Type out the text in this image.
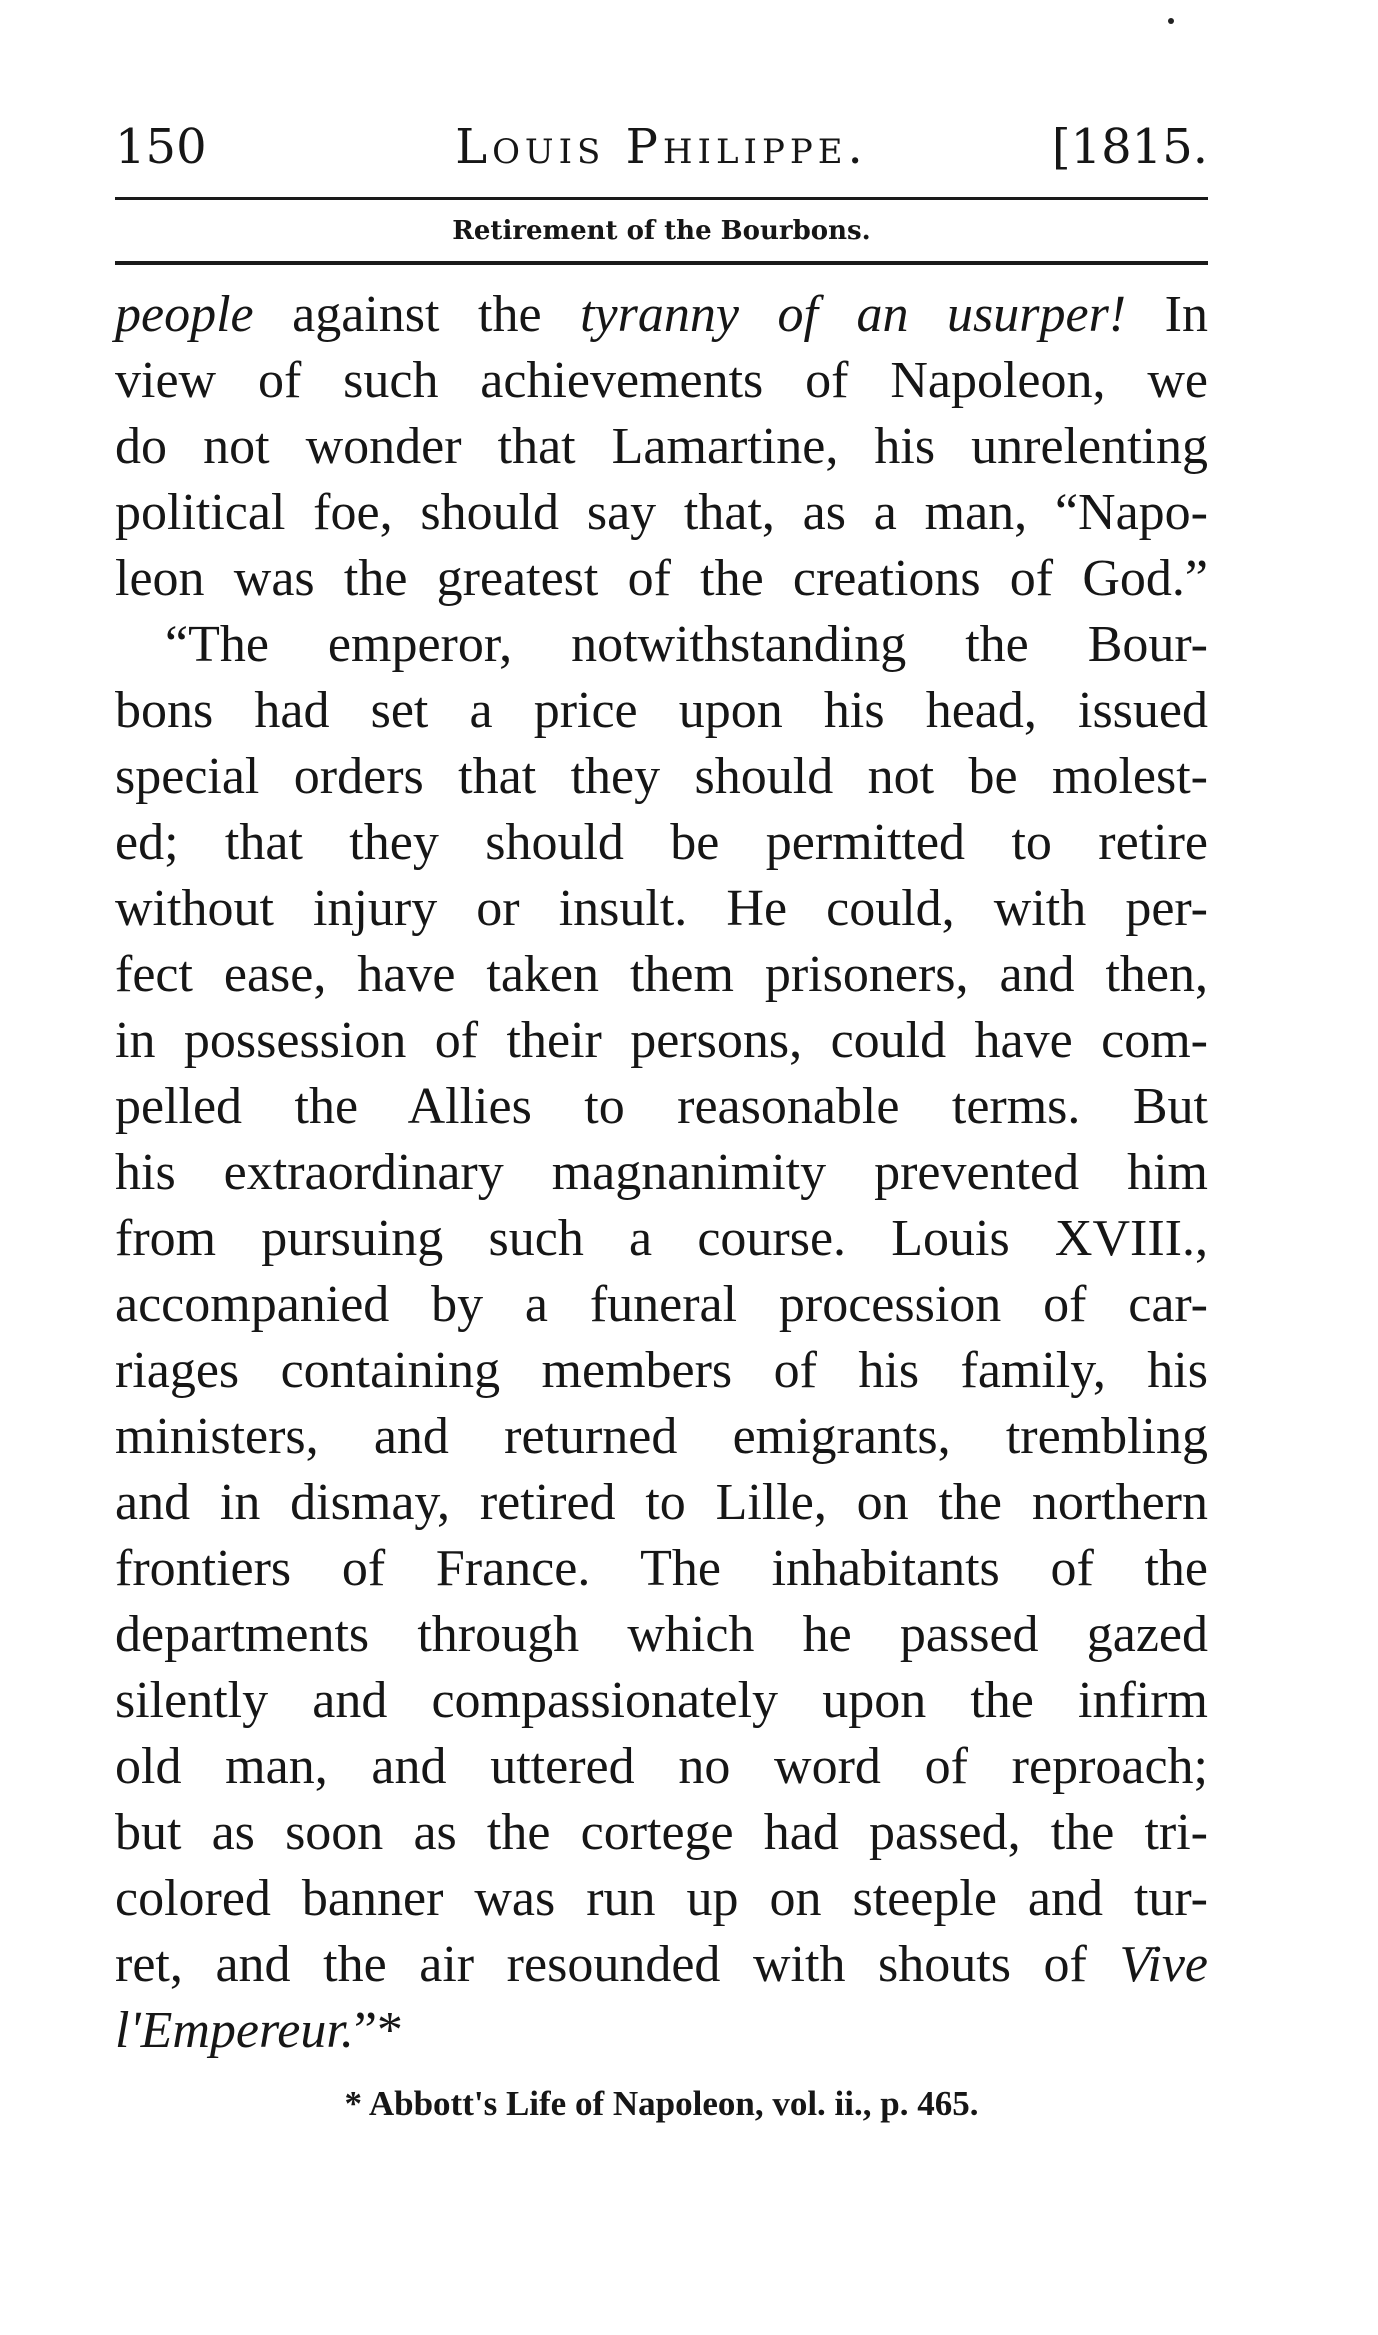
150	Louis Philippe.	[1815.
Retirement of the Bourbons.
people against the tyranny of an usurper! In
view of such achievements of Napoleon, we
do not wonder that Lamartine, his unrelenting
political foe, should say that, as a man, “Napo-
leon was the greatest of the creations of God.”
“The emperor, notwithstanding the Bour-
bons had set a price upon his head, issued
special orders that they should not be molest-
ed; that they should be permitted to retire
without injury or insult. He could, with per-
fect ease, have taken them prisoners, and then,
in possession of their persons, could have com-
pelled the Allies to reasonable terms. But
his extraordinary magnanimity prevented him
from pursuing such a course. Louis XVIII.,
accompanied by a funeral procession of car-
riages containing members of his family, his
ministers, and returned emigrants, trembling
and in dismay, retired to Lille, on the northern
frontiers of France. The inhabitants of the
departments through which he passed gazed
silently and compassionately upon the infirm
old man, and uttered no word of reproach;
but as soon as the cortege had passed, the tri-
colored banner was run up on steeple and tur-
ret, and the air resounded with shouts of Vive
l'Empereur.”*
* Abbott's Life of Napoleon, vol. ii., p. 465.
